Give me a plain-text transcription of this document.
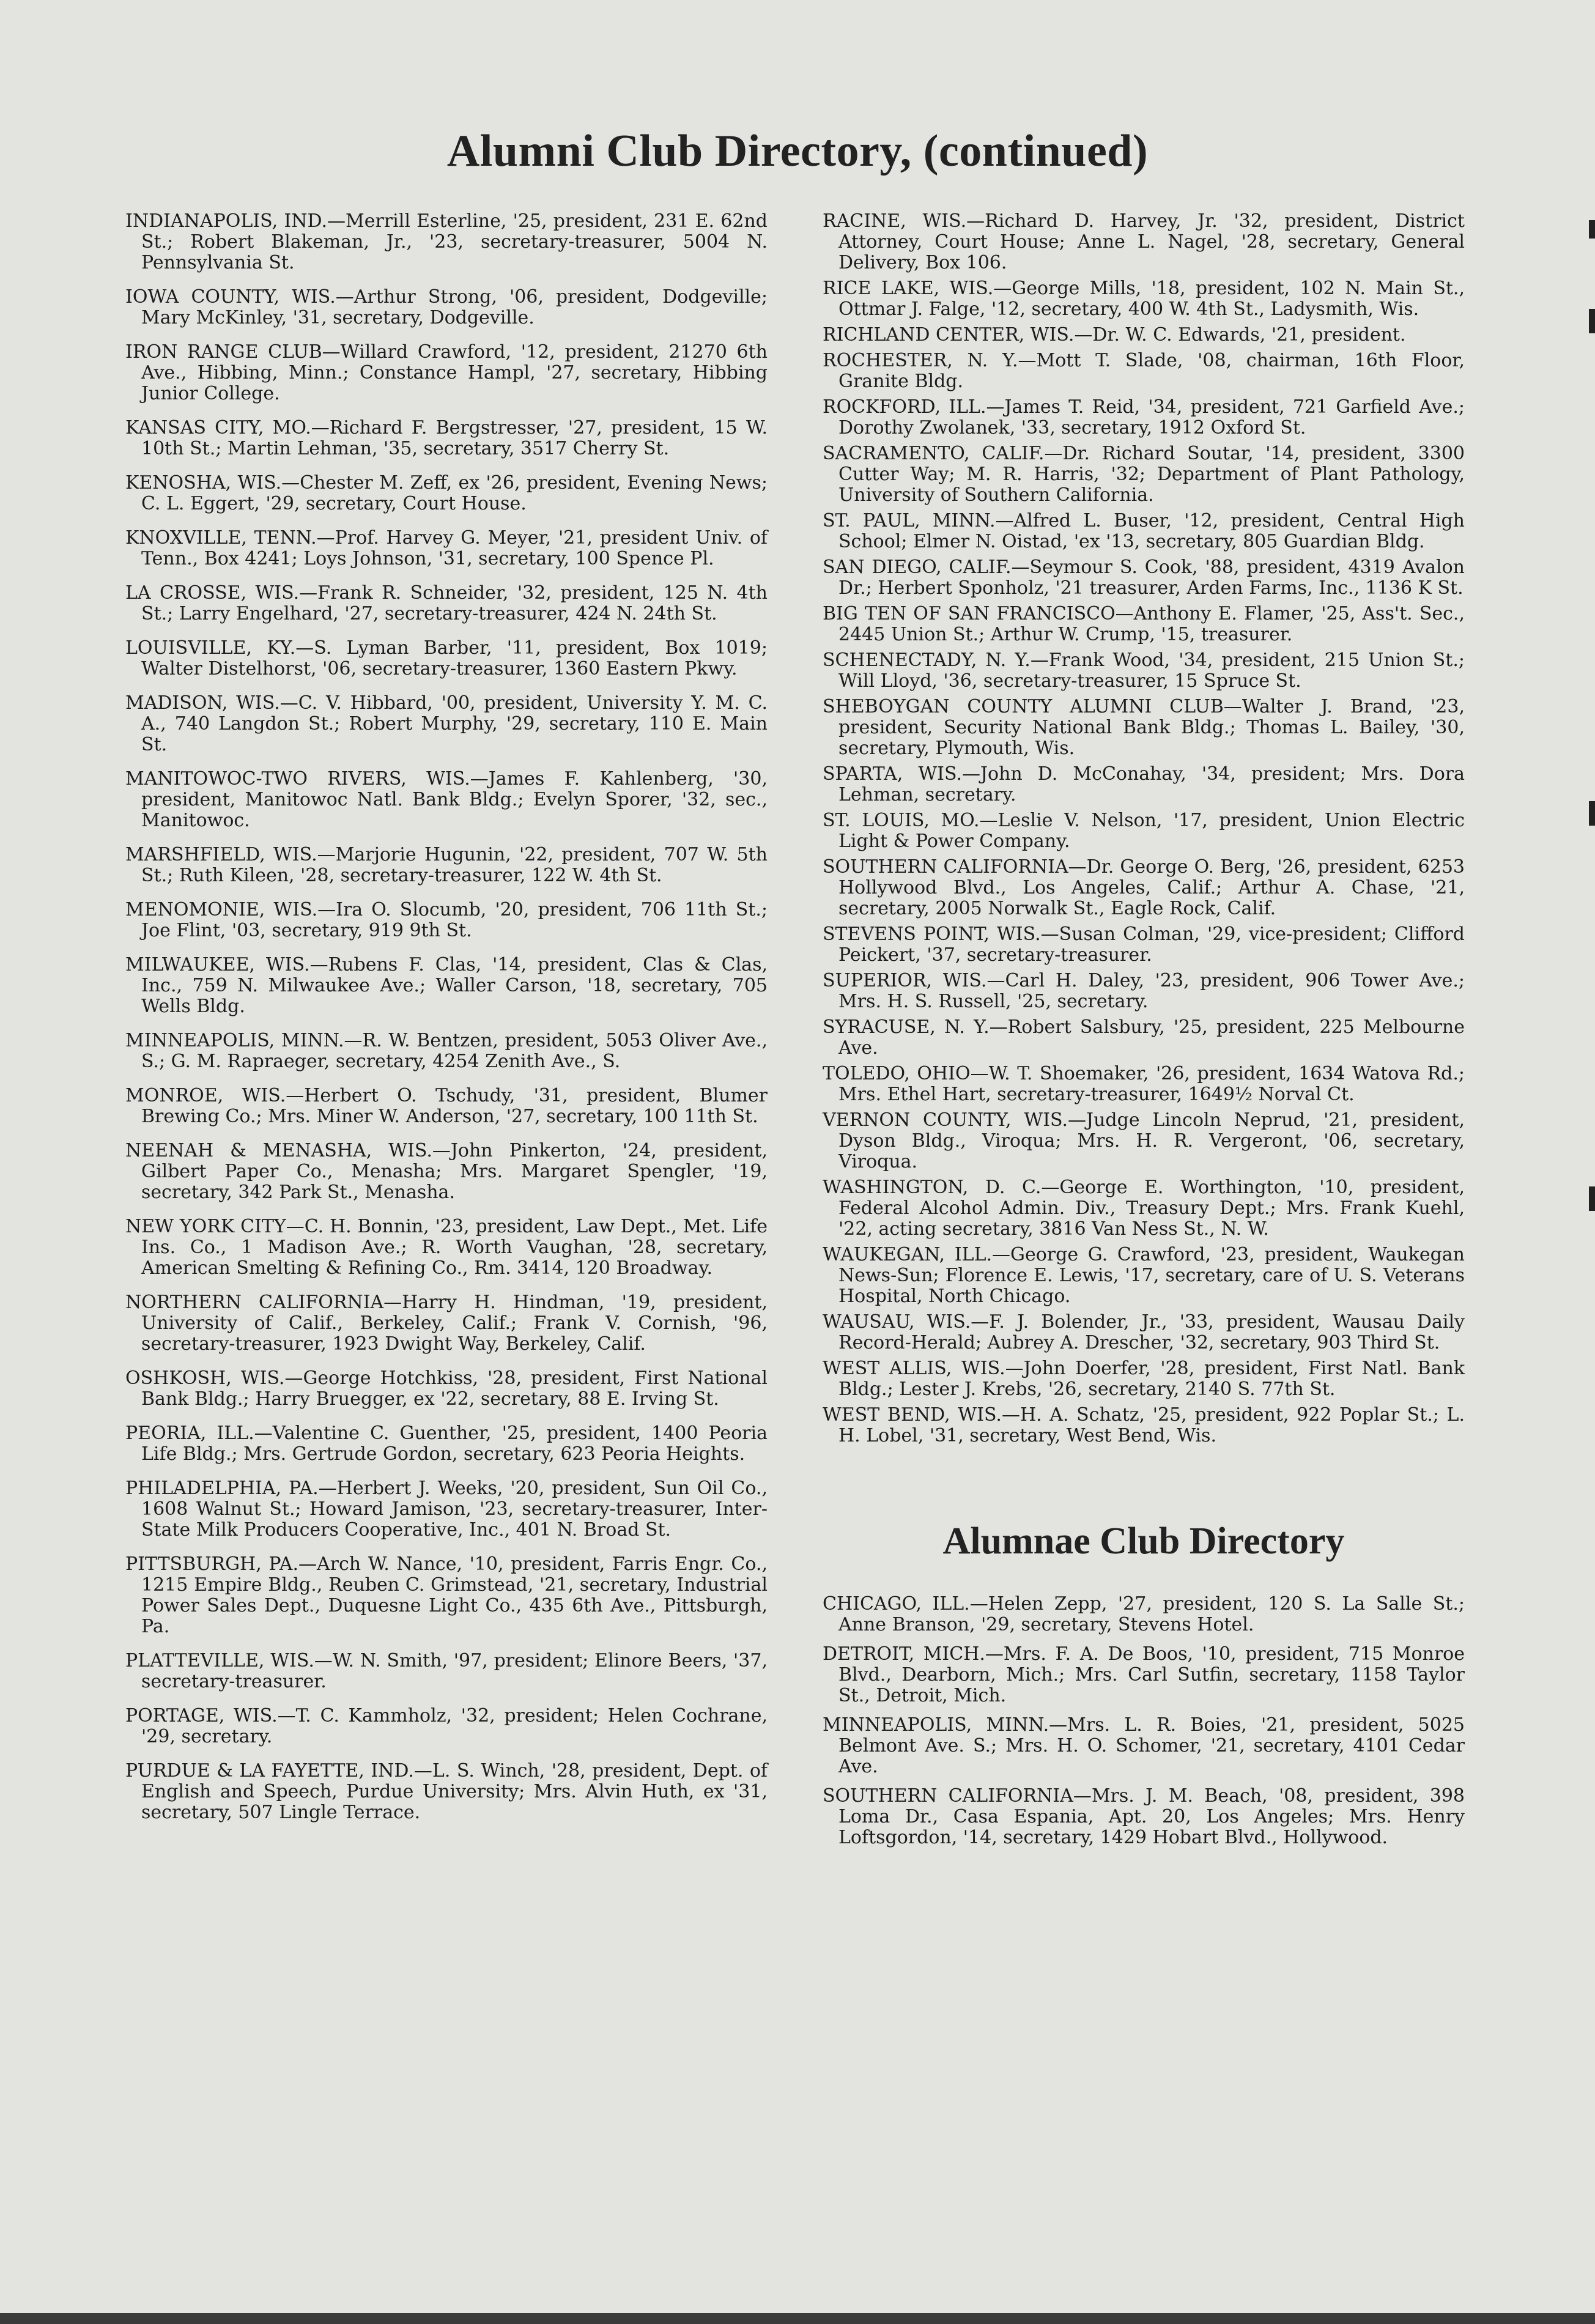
Alumni Club Directory, (continued)

INDIANAPOLIS, IND.—Merrill Esterline, '25, president, 231 E. 62nd St.; Robert Blakeman, Jr., '23, secretary-treasurer, 5004 N. Pennsylvania St.

IOWA COUNTY, WIS.—Arthur Strong, '06, president, Dodgeville; Mary McKinley, '31, secretary, Dodgeville.

IRON RANGE CLUB—Willard Crawford, '12, president, 21270 6th Ave., Hibbing, Minn.; Constance Hampl, '27, secretary, Hibbing Junior College.

KANSAS CITY, MO.—Richard F. Bergstresser, '27, president, 15 W. 10th St.; Martin Lehman, '35, secretary, 3517 Cherry St.

KENOSHA, WIS.—Chester M. Zeff, ex '26, president, Evening News; C. L. Eggert, '29, secretary, Court House.

KNOXVILLE, TENN.—Prof. Harvey G. Meyer, '21, president Univ. of Tenn., Box 4241; Loys Johnson, '31, secretary, 100 Spence Pl.

LA CROSSE, WIS.—Frank R. Schneider, '32, president, 125 N. 4th St.; Larry Engelhard, '27, secretary-treasurer, 424 N. 24th St.

LOUISVILLE, KY.—S. Lyman Barber, '11, president, Box 1019; Walter Distelhorst, '06, secretary-treasurer, 1360 Eastern Pkwy.

MADISON, WIS.—C. V. Hibbard, '00, president, University Y. M. C. A., 740 Langdon St.; Robert Murphy, '29, secretary, 110 E. Main St.

MANITOWOC-TWO RIVERS, WIS.—James F. Kahlenberg, '30, president, Manitowoc Natl. Bank Bldg.; Evelyn Sporer, '32, sec., Manitowoc.

MARSHFIELD, WIS.—Marjorie Hugunin, '22, president, 707 W. 5th St.; Ruth Kileen, '28, secretary-treasurer, 122 W. 4th St.

MENOMONIE, WIS.—Ira O. Slocumb, '20, president, 706 11th St.; Joe Flint, '03, secretary, 919 9th St.

MILWAUKEE, WIS.—Rubens F. Clas, '14, president, Clas & Clas, Inc., 759 N. Milwaukee Ave.; Waller Carson, '18, secretary, 705 Wells Bldg.

MINNEAPOLIS, MINN.—R. W. Bentzen, president, 5053 Oliver Ave., S.; G. M. Rapraeger, secretary, 4254 Zenith Ave., S.

MONROE, WIS.—Herbert O. Tschudy, '31, president, Blumer Brewing Co.; Mrs. Miner W. Anderson, '27, secretary, 100 11th St.

NEENAH & MENASHA, WIS.—John Pinkerton, '24, president, Gilbert Paper Co., Menasha; Mrs. Margaret Spengler, '19, secretary, 342 Park St., Menasha.

NEW YORK CITY—C. H. Bonnin, '23, president, Law Dept., Met. Life Ins. Co., 1 Madison Ave.; R. Worth Vaughan, '28, secretary, American Smelting & Refining Co., Rm. 3414, 120 Broadway.

NORTHERN CALIFORNIA—Harry H. Hindman, '19, president, University of Calif., Berkeley, Calif.; Frank V. Cornish, '96, secretary-treasurer, 1923 Dwight Way, Berkeley, Calif.

OSHKOSH, WIS.—George Hotchkiss, '28, president, First National Bank Bldg.; Harry Bruegger, ex '22, secretary, 88 E. Irving St.

PEORIA, ILL.—Valentine C. Guenther, '25, president, 1400 Peoria Life Bldg.; Mrs. Gertrude Gordon, secretary, 623 Peoria Heights.

PHILADELPHIA, PA.—Herbert J. Weeks, '20, president, Sun Oil Co., 1608 Walnut St.; Howard Jamison, '23, secretary-treasurer, Inter-State Milk Producers Cooperative, Inc., 401 N. Broad St.

PITTSBURGH, PA.—Arch W. Nance, '10, president, Farris Engr. Co., 1215 Empire Bldg., Reuben C. Grimstead, '21, secretary, Industrial Power Sales Dept., Duquesne Light Co., 435 6th Ave., Pittsburgh, Pa.

PLATTEVILLE, WIS.—W. N. Smith, '97, president; Elinore Beers, '37, secretary-treasurer.

PORTAGE, WIS.—T. C. Kammholz, '32, president; Helen Cochrane, '29, secretary.

PURDUE & LA FAYETTE, IND.—L. S. Winch, '28, president, Dept. of English and Speech, Purdue University; Mrs. Alvin Huth, ex '31, secretary, 507 Lingle Terrace.

RACINE, WIS.—Richard D. Harvey, Jr. '32, president, District Attorney, Court House; Anne L. Nagel, '28, secretary, General Delivery, Box 106.

RICE LAKE, WIS.—George Mills, '18, president, 102 N. Main St., Ottmar J. Falge, '12, secretary, 400 W. 4th St., Ladysmith, Wis.

RICHLAND CENTER, WIS.—Dr. W. C. Edwards, '21, president.

ROCHESTER, N. Y.—Mott T. Slade, '08, chairman, 16th Floor, Granite Bldg.

ROCKFORD, ILL.—James T. Reid, '34, president, 721 Garfield Ave.; Dorothy Zwolanek, '33, secretary, 1912 Oxford St.

SACRAMENTO, CALIF.—Dr. Richard Soutar, '14, president, 3300 Cutter Way; M. R. Harris, '32; Department of Plant Pathology, University of Southern California.

ST. PAUL, MINN.—Alfred L. Buser, '12, president, Central High School; Elmer N. Oistad, 'ex '13, secretary, 805 Guardian Bldg.

SAN DIEGO, CALIF.—Seymour S. Cook, '88, president, 4319 Avalon Dr.; Herbert Sponholz, '21 treasurer, Arden Farms, Inc., 1136 K St.

BIG TEN OF SAN FRANCISCO—Anthony E. Flamer, '25, Ass't. Sec., 2445 Union St.; Arthur W. Crump, '15, treasurer.

SCHENECTADY, N. Y.—Frank Wood, '34, president, 215 Union St.; Will Lloyd, '36, secretary-treasurer, 15 Spruce St.

SHEBOYGAN COUNTY ALUMNI CLUB—Walter J. Brand, '23, president, Security National Bank Bldg.; Thomas L. Bailey, '30, secretary, Plymouth, Wis.

SPARTA, WIS.—John D. McConahay, '34, president; Mrs. Dora Lehman, secretary.

ST. LOUIS, MO.—Leslie V. Nelson, '17, president, Union Electric Light & Power Company.

SOUTHERN CALIFORNIA—Dr. George O. Berg, '26, president, 6253 Hollywood Blvd., Los Angeles, Calif.; Arthur A. Chase, '21, secretary, 2005 Norwalk St., Eagle Rock, Calif.

STEVENS POINT, WIS.—Susan Colman, '29, vice-president; Clifford Peickert, '37, secretary-treasurer.

SUPERIOR, WIS.—Carl H. Daley, '23, president, 906 Tower Ave.; Mrs. H. S. Russell, '25, secretary.

SYRACUSE, N. Y.—Robert Salsbury, '25, president, 225 Melbourne Ave.

TOLEDO, OHIO—W. T. Shoemaker, '26, president, 1634 Watova Rd.; Mrs. Ethel Hart, secretary-treasurer, 1649½ Norval Ct.

VERNON COUNTY, WIS.—Judge Lincoln Neprud, '21, president, Dyson Bldg., Viroqua; Mrs. H. R. Vergeront, '06, secretary, Viroqua.

WASHINGTON, D. C.—George E. Worthington, '10, president, Federal Alcohol Admin. Div., Treasury Dept.; Mrs. Frank Kuehl, '22, acting secretary, 3816 Van Ness St., N. W.

WAUKEGAN, ILL.—George G. Crawford, '23, president, Waukegan News-Sun; Florence E. Lewis, '17, secretary, care of U. S. Veterans Hospital, North Chicago.

WAUSAU, WIS.—F. J. Bolender, Jr., '33, president, Wausau Daily Record-Herald; Aubrey A. Drescher, '32, secretary, 903 Third St.

WEST ALLIS, WIS.—John Doerfer, '28, president, First Natl. Bank Bldg.; Lester J. Krebs, '26, secretary, 2140 S. 77th St.

WEST BEND, WIS.—H. A. Schatz, '25, president, 922 Poplar St.; L. H. Lobel, '31, secretary, West Bend, Wis.

Alumnae Club Directory

CHICAGO, ILL.—Helen Zepp, '27, president, 120 S. La Salle St.; Anne Branson, '29, secretary, Stevens Hotel.

DETROIT, MICH.—Mrs. F. A. De Boos, '10, president, 715 Monroe Blvd., Dearborn, Mich.; Mrs. Carl Sutfin, secretary, 1158 Taylor St., Detroit, Mich.

MINNEAPOLIS, MINN.—Mrs. L. R. Boies, '21, president, 5025 Belmont Ave. S.; Mrs. H. O. Schomer, '21, secretary, 4101 Cedar Ave.

SOUTHERN CALIFORNIA—Mrs. J. M. Beach, '08, president, 398 Loma Dr., Casa Espania, Apt. 20, Los Angeles; Mrs. Henry Loftsgordon, '14, secretary, 1429 Hobart Blvd., Hollywood.
